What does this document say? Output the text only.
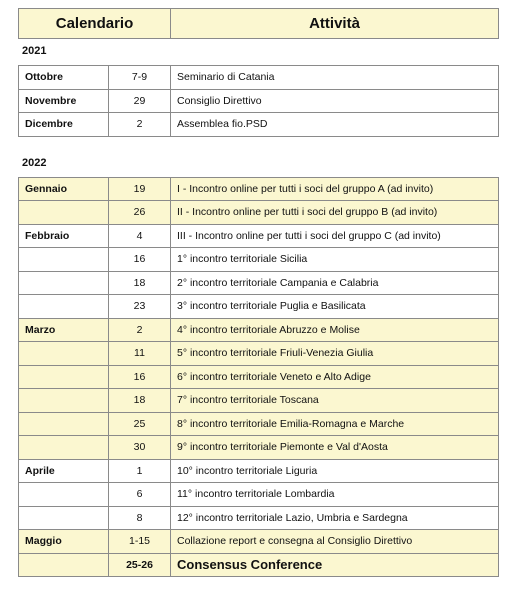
Calendario	Attività
2021
Ottobre	7-9	Seminario di Catania
Novembre	29	Consiglio Direttivo
Dicembre	2	Assemblea fio.PSD
2022
Gennaio	19	I - Incontro online per tutti i soci del gruppo A (ad invito)
	26	II - Incontro online per tutti i soci del gruppo B (ad invito)
Febbraio	4	III - Incontro online per tutti i soci del gruppo C (ad invito)
	16	1° incontro territoriale Sicilia
	18	2° incontro territoriale Campania e Calabria
	23	3° incontro territoriale Puglia e Basilicata
Marzo	2	4° incontro territoriale Abruzzo e Molise
	11	5° incontro territoriale Friuli-Venezia Giulia
	16	6° incontro territoriale Veneto e Alto Adige
	18	7° incontro territoriale Toscana
	25	8° incontro territoriale Emilia-Romagna e Marche
	30	9° incontro territoriale Piemonte e Val d'Aosta
Aprile	1	10° incontro territoriale Liguria
	6	11° incontro territoriale Lombardia
	8	12° incontro territoriale Lazio, Umbria e Sardegna
Maggio	1-15	Collazione report e consegna al Consiglio Direttivo
	25-26	Consensus Conference
